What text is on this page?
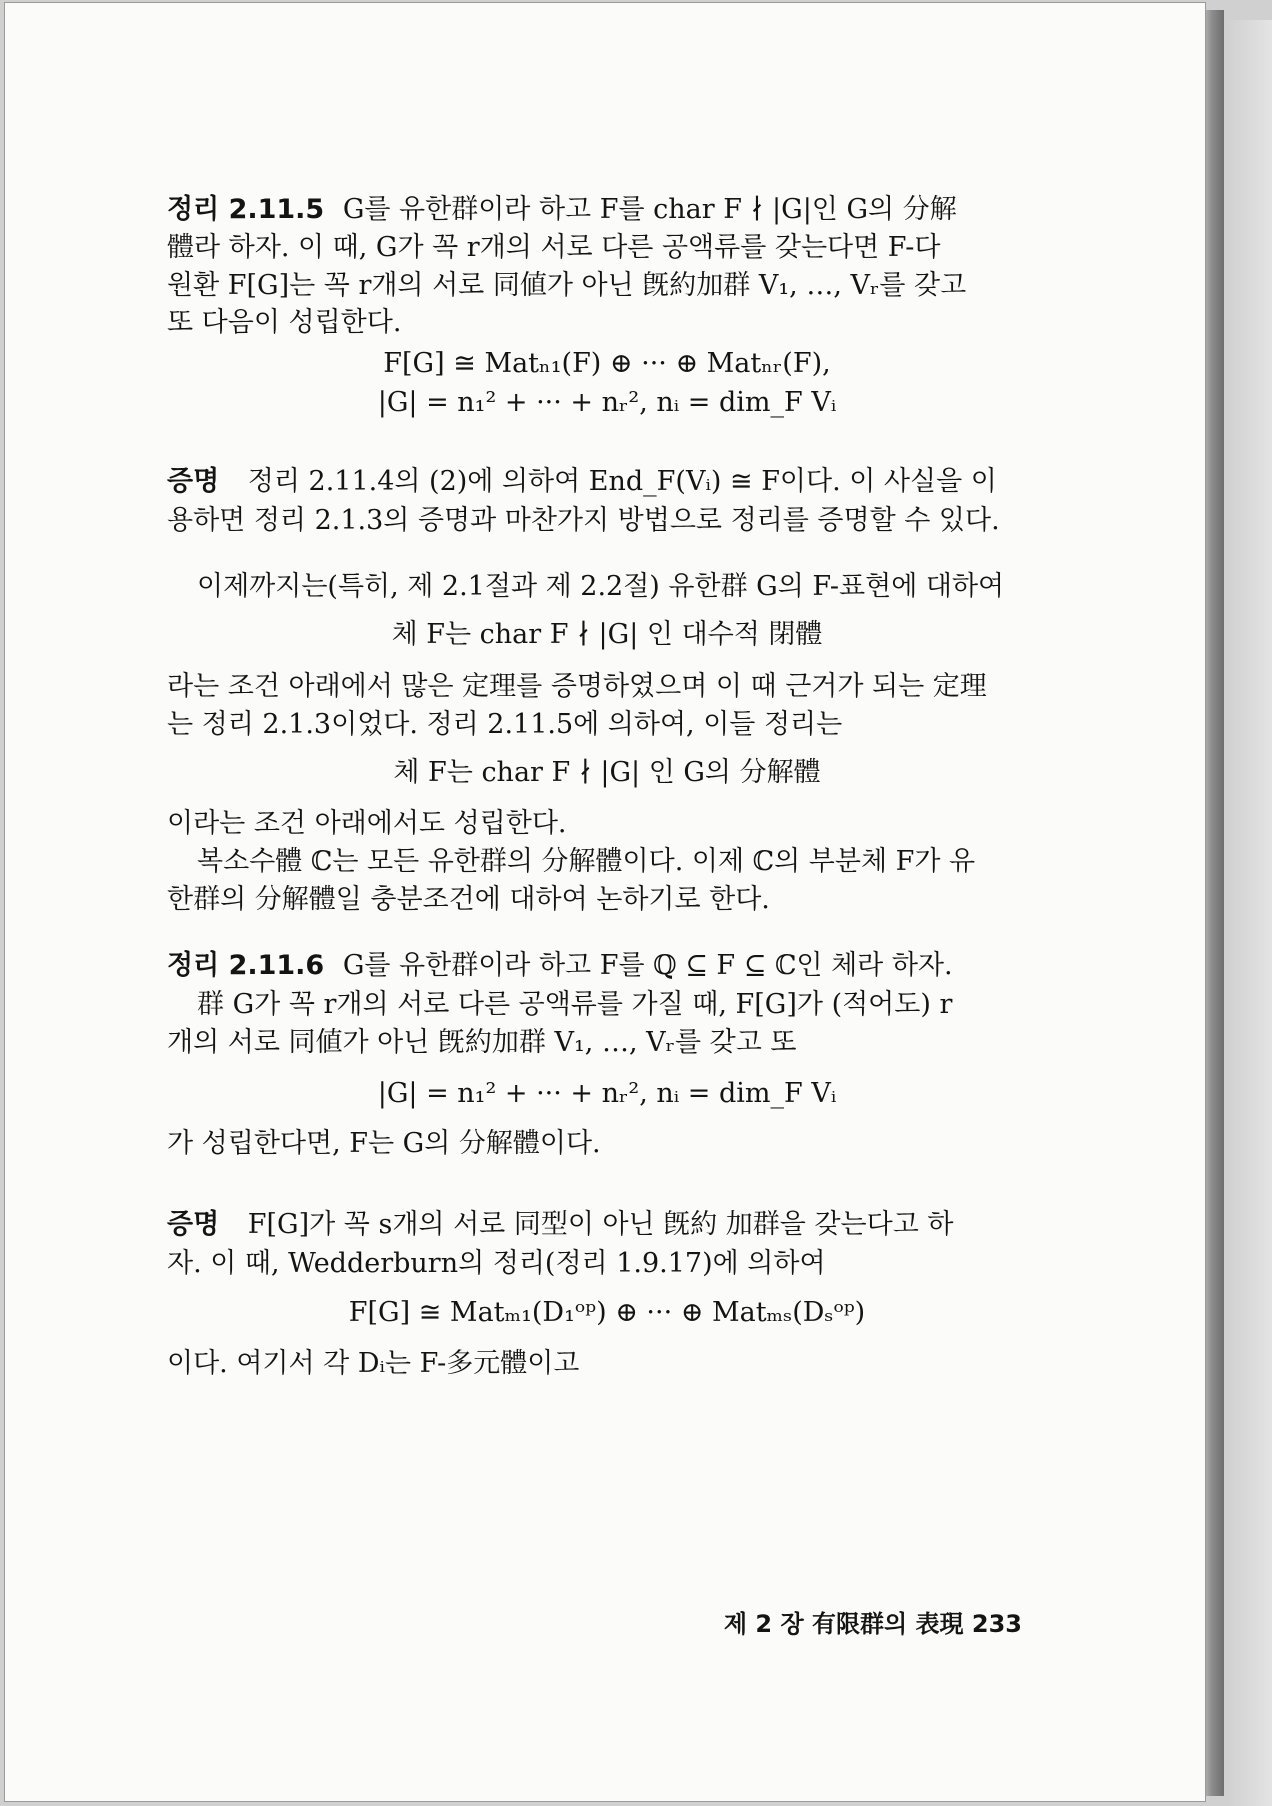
정리 2.11.5 G를 유한群이라 하고 F를 char F ∤ |G|인 G의 分解
體라 하자. 이 때, G가 꼭 r개의 서로 다른 공액류를 갖는다면 F-다
원환 F[G]는 꼭 r개의 서로 同値가 아닌 旣約加群 V₁, …, Vᵣ를 갖고
또 다음이 성립한다.
F[G] ≅ Matₙ₁(F) ⊕ ··· ⊕ Matₙᵣ(F),
|G| = n₁² + ··· + nᵣ², nᵢ = dim_F Vᵢ
증명 정리 2.11.4의 (2)에 의하여 End_F(Vᵢ) ≅ F이다. 이 사실을 이
용하면 정리 2.1.3의 증명과 마찬가지 방법으로 정리를 증명할 수 있다.
이제까지는(특히, 제 2.1절과 제 2.2절) 유한群 G의 F-표현에 대하여
체 F는 char F ∤ |G| 인 대수적 閉體
라는 조건 아래에서 많은 定理를 증명하였으며 이 때 근거가 되는 定理
는 정리 2.1.3이었다. 정리 2.11.5에 의하여, 이들 정리는
체 F는 char F ∤ |G| 인 G의 分解體
이라는 조건 아래에서도 성립한다.
복소수體 ℂ는 모든 유한群의 分解體이다. 이제 ℂ의 부분체 F가 유
한群의 分解體일 충분조건에 대하여 논하기로 한다.
정리 2.11.6 G를 유한群이라 하고 F를 ℚ ⊆ F ⊆ ℂ인 체라 하자.
群 G가 꼭 r개의 서로 다른 공액류를 가질 때, F[G]가 (적어도) r
개의 서로 同値가 아닌 旣約加群 V₁, …, Vᵣ를 갖고 또
|G| = n₁² + ··· + nᵣ², nᵢ = dim_F Vᵢ
가 성립한다면, F는 G의 分解體이다.
증명 F[G]가 꼭 s개의 서로 同型이 아닌 旣約 加群을 갖는다고 하
자. 이 때, Wedderburn의 정리(정리 1.9.17)에 의하여
F[G] ≅ Matₘ₁(D₁ᵒᵖ) ⊕ ··· ⊕ Matₘₛ(Dₛᵒᵖ)
이다. 여기서 각 Dᵢ는 F-多元體이고
제 2 장 有限群의 表現 233
